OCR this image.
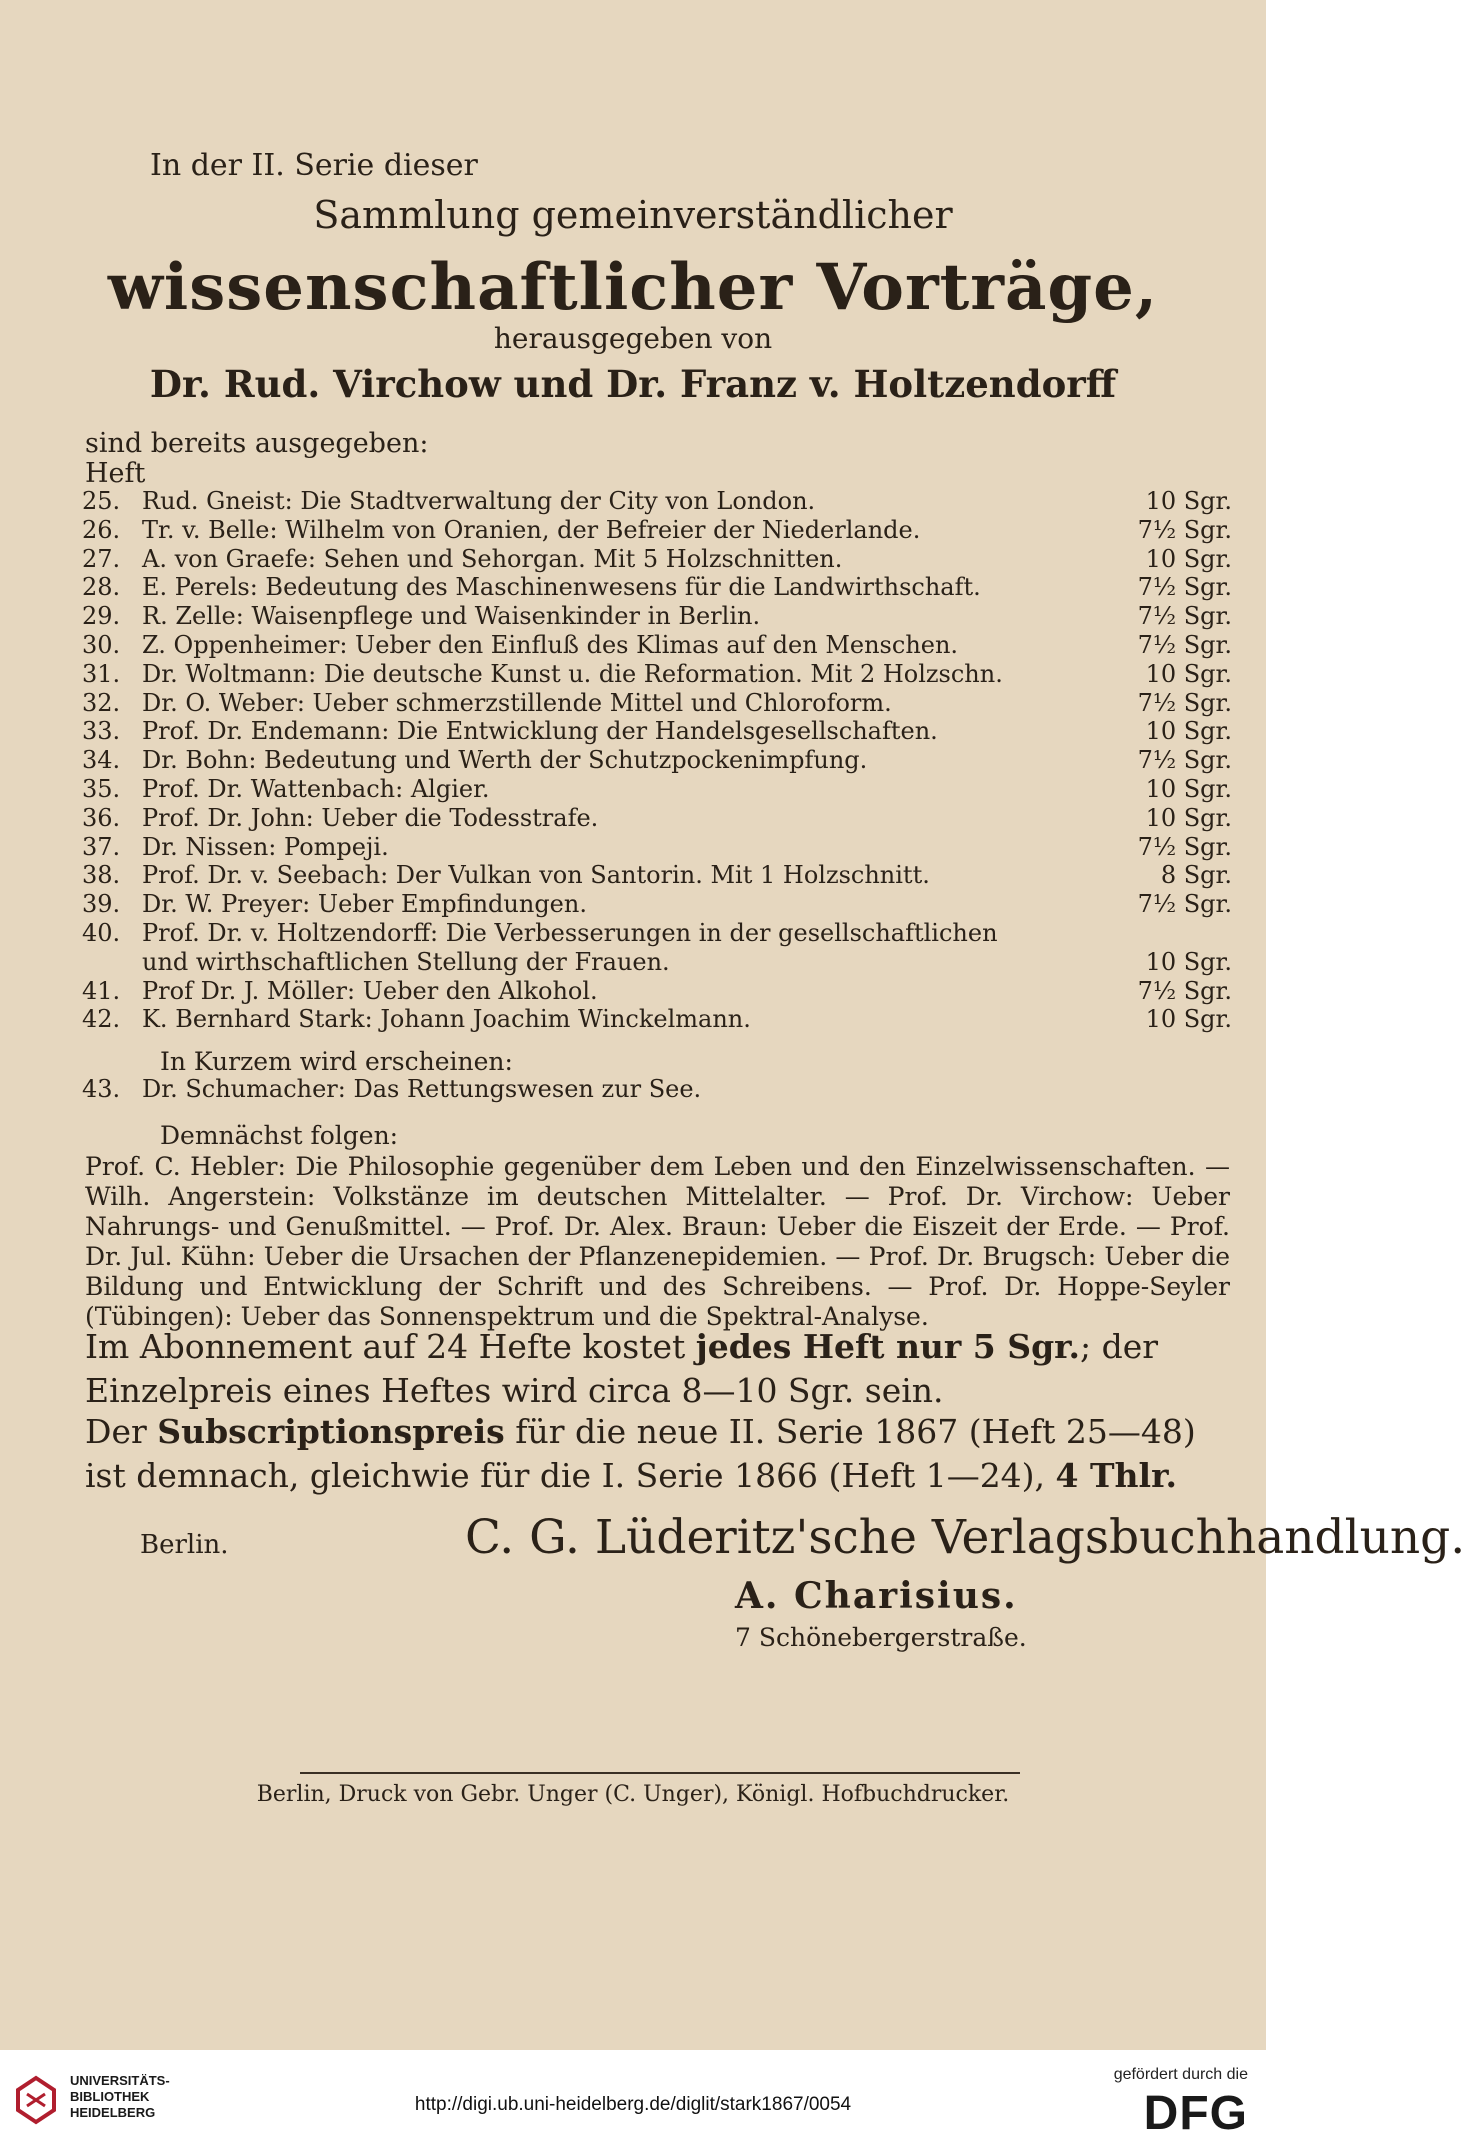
In der II. Serie dieser
Sammlung gemeinverständlicher
wissenschaftlicher Vorträge,
herausgegeben von
Dr. Rud. Virchow und Dr. Franz v. Holtzendorff
sind bereits ausgegeben:
Heft
25. Rud. Gneist: Die Stadtverwaltung der City von London.	10 Sgr.
26. Tr. v. Belle: Wilhelm von Oranien, der Befreier der Niederlande.	7½ Sgr.
27. A. von Graefe: Sehen und Sehorgan. Mit 5 Holzschnitten.	10 Sgr.
28. E. Perels: Bedeutung des Maschinenwesens für die Landwirthschaft.	7½ Sgr.
29. R. Zelle: Waisenpflege und Waisenkinder in Berlin.	7½ Sgr.
30. Z. Oppenheimer: Ueber den Einfluß des Klimas auf den Menschen.	7½ Sgr.
31. Dr. Woltmann: Die deutsche Kunst u. die Reformation. Mit 2 Holzschn.	10 Sgr.
32. Dr. O. Weber: Ueber schmerzstillende Mittel und Chloroform.	7½ Sgr.
33. Prof. Dr. Endemann: Die Entwicklung der Handelsgesellschaften.	10 Sgr.
34. Dr. Bohn: Bedeutung und Werth der Schutzpockenimpfung.	7½ Sgr.
35. Prof. Dr. Wattenbach: Algier.	10 Sgr.
36. Prof. Dr. John: Ueber die Todesstrafe.	10 Sgr.
37. Dr. Nissen: Pompeji.	7½ Sgr.
38. Prof. Dr. v. Seebach: Der Vulkan von Santorin. Mit 1 Holzschnitt.	8 Sgr.
39. Dr. W. Preyer: Ueber Empfindungen.	7½ Sgr.
40. Prof. Dr. v. Holtzendorff: Die Verbesserungen in der gesellschaftlichen
und wirthschaftlichen Stellung der Frauen.	10 Sgr.
41. Prof Dr. J. Möller: Ueber den Alkohol.	7½ Sgr.
42. K. Bernhard Stark: Johann Joachim Winckelmann.	10 Sgr.
In Kurzem wird erscheinen:
43. Dr. Schumacher: Das Rettungswesen zur See.
Demnächst folgen:
Prof. C. Hebler: Die Philosophie gegenüber dem Leben und den Einzelwissenschaften. — Wilh. Angerstein: Volkstänze im deutschen Mittelalter. — Prof. Dr. Virchow: Ueber Nahrungs- und Genußmittel. — Prof. Dr. Alex. Braun: Ueber die Eiszeit der Erde. — Prof. Dr. Jul. Kühn: Ueber die Ursachen der Pflanzenepidemien. — Prof. Dr. Brugsch: Ueber die Bildung und Entwicklung der Schrift und des Schreibens. — Prof. Dr. Hoppe-Seyler (Tübingen): Ueber das Sonnenspektrum und die Spektral-Analyse.
Im Abonnement auf 24 Hefte kostet jedes Heft nur 5 Sgr.; der Einzelpreis eines Heftes wird circa 8—10 Sgr. sein.
Der Subscriptionspreis für die neue II. Serie 1867 (Heft 25—48) ist demnach, gleichwie für die I. Serie 1866 (Heft 1—24), 4 Thlr.
Berlin.	C. G. Lüderitz'sche Verlagsbuchhandlung.
A. Charisius.
7 Schönebergerstraße.
Berlin, Druck von Gebr. Unger (C. Unger), Königl. Hofbuchdrucker.
UNIVERSITÄTS-
BIBLIOTHEK
HEIDELBERG	http://digi.ub.uni-heidelberg.de/diglit/stark1867/0054
gefördert durch die
DFG
